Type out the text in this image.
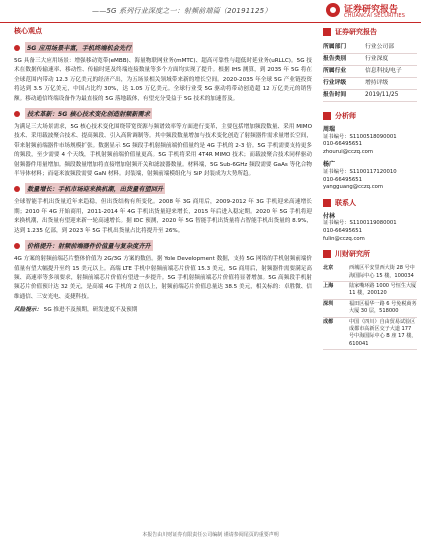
——5G 系列行业深度之一：射频前端篇（20191125）	证券研究报告
CHUANCAI SECURITIES
核心观点
5G 应用场景丰富，手机终端机会先行

5G 具备三大应用场景：增强移动宽带(eMBB)、海量物联网业务(mMTC)、超高可靠性与超低时延业务(uRLLC)。5G 技术在数据传输速率、移动性、传输时延及终端连接数量等多个方面均实现了提升。根据 IHS 测算，到 2035 年 5G 将在全球范围内带动 12.3 万亿美元的经济产出，为五场景相关领域带来新的增长空间。2020-2035 年全球 5G 产业链投资将达到 3.5 万亿美元，中国占比约 30%，达 1.05 万亿美元。全球行业受 5G 驱动将带动创造超 12 万亿美元的销售额。移动通信终端设备作为最直接的 5G 落地载体，有望充分受益于 5G 技术的加速普及。

技术革新：5G 核心技术变化创造射频新需求

为满足三大场景需求，5G 核心技术变化围绕带宽资源与频谱效率等方面进行变革，主要包括增加频段数量、采用 MIMO 技术、采用载波聚合技术、提高频段、引入高阶调制等。其中频段数量增加与技术变化创造了射频器件需求量增长空间，带来射频前端器件市场规模扩张。数据显示 5G 频段手机射频前端价值量约是 4G 手机的 2-3 倍。5G 手机需要支持更多的频段，至少需要 4 个天线，手机射频前端价值量更高。5G 手机将采用 4T4R MIMO 技术；而载波聚合技术同样驱动射频器件用量增加。频段数量增加将直接增加射频开关和滤波器数量。材料端，5G Sub-6GHz 频段需要 GaAs 等化合物半导体材料；而毫米波频段需要 GaN 材料。封装端，射频前端模组化与 SiP 封装成为大势所趋。

数量增长：手机市场迎来换机潮，出货量有望回升

全球智能手机出货量近年来趋稳，但出货结构有所变化。2008 年 3G 商用后，2009-2012 年 3G 手机迎来高速增长期；2010 年 4G 开始商用，2011-2014 年 4G 手机出货量迎来增长，2015 年后进入稳定期。2020 年 5G 手机将迎来换机潮，出货量有望迎来新一轮高速增长。据 IDC 预测，2020 年 5G 智能手机出货量将占智能手机出货量的 8.9%，达到 1.235 亿部，到 2023 年 5G 手机出货量占比将提升至 26%。

价格提升：射频前端器件价值量与复杂度齐升

4G 方案的射频前端芯片整体价值为 2G/3G 方案的数倍。据 Yole Development 数据，支持 5G 网络的手机射频前端价值量有望大幅提升至约 15 美元以上。高端 LTE 手机中射频前端芯片价值 15.3 美元，5G 商用后，射频器件需要满足高频、高速率等多项要求，射频前端芯片价值有望进一步提升。5G 手机射频前端芯片价值将显著增加。5G 高频段手机射频芯片价值预计达 32 美元，是高端 4G 手机的 2 倍以上，射频前端芯片价值总量达 38.5 美元，相关标的：卓胜微、信维通信、三安光电、麦捷科技。

风险提示： 5G 推进不及预期，研发进度不及预期
证券研究报告
所属部门	行业公司部
报告类别	行业深度
所属行业	信息科技/电子
行业评级	增持评级
报告时间	2019/11/25
分析师
周瑞
证书编号：S1100518090001
010-66495651
zhourui@cczq.com
杨广
证书编号：S1100117120010
010-66495651
yangguang@cczq.com
联系人
付林
证书编号：S1100119080001
010-66495651
fulin@cczq.com
川财研究所
北京	西城区平安里西大街 28 号中海国际中心 15 楼，100034
上海	陆家嘴环路 1000 号恒生大厦 11 楼，200120
深圳	福田区福华一路 6 号免税商务大厦 30 层，518000
成都	中国（四川）自由贸易试验区成都市高新区交子大道 177 号中海国际中心 B 座 17 楼，610041
本报告由川财证券有限责任公司编制 谨请参阅尾页的重要声明
